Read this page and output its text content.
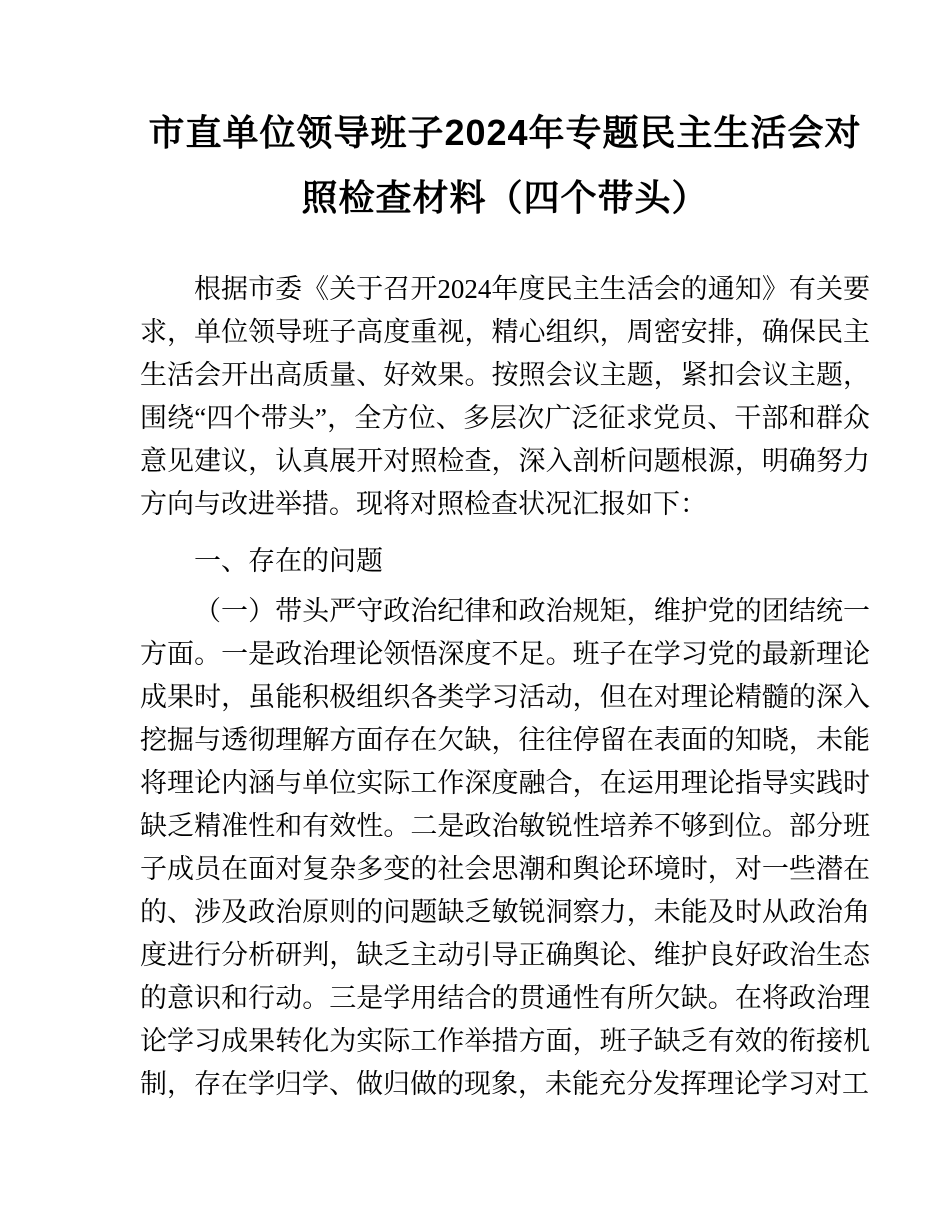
市直单位领导班子2024年专题民主生活会对照检查材料（四个带头）

根据市委《关于召开2024年度民主生活会的通知》有关要求，单位领导班子高度重视，精心组织，周密安排，确保民主生活会开出高质量、好效果。按照会议主题，紧扣会议主题，围绕“四个带头”，全方位、多层次广泛征求党员、干部和群众意见建议，认真展开对照检查，深入剖析问题根源，明确努力方向与改进举措。现将对照检查状况汇报如下：

一、存在的问题

（一）带头严守政治纪律和政治规矩，维护党的团结统一方面。一是政治理论领悟深度不足。班子在学习党的最新理论成果时，虽能积极组织各类学习活动，但在对理论精髓的深入挖掘与透彻理解方面存在欠缺，往往停留在表面的知晓，未能将理论内涵与单位实际工作深度融合，在运用理论指导实践时缺乏精准性和有效性。二是政治敏锐性培养不够到位。部分班子成员在面对复杂多变的社会思潮和舆论环境时，对一些潜在的、涉及政治原则的问题缺乏敏锐洞察力，未能及时从政治角度进行分析研判，缺乏主动引导正确舆论、维护良好政治生态的意识和行动。三是学用结合的贯通性有所欠缺。在将政治理论学习成果转化为实际工作举措方面，班子缺乏有效的衔接机制，存在学归学、做归做的现象，未能充分发挥理论学习对工
